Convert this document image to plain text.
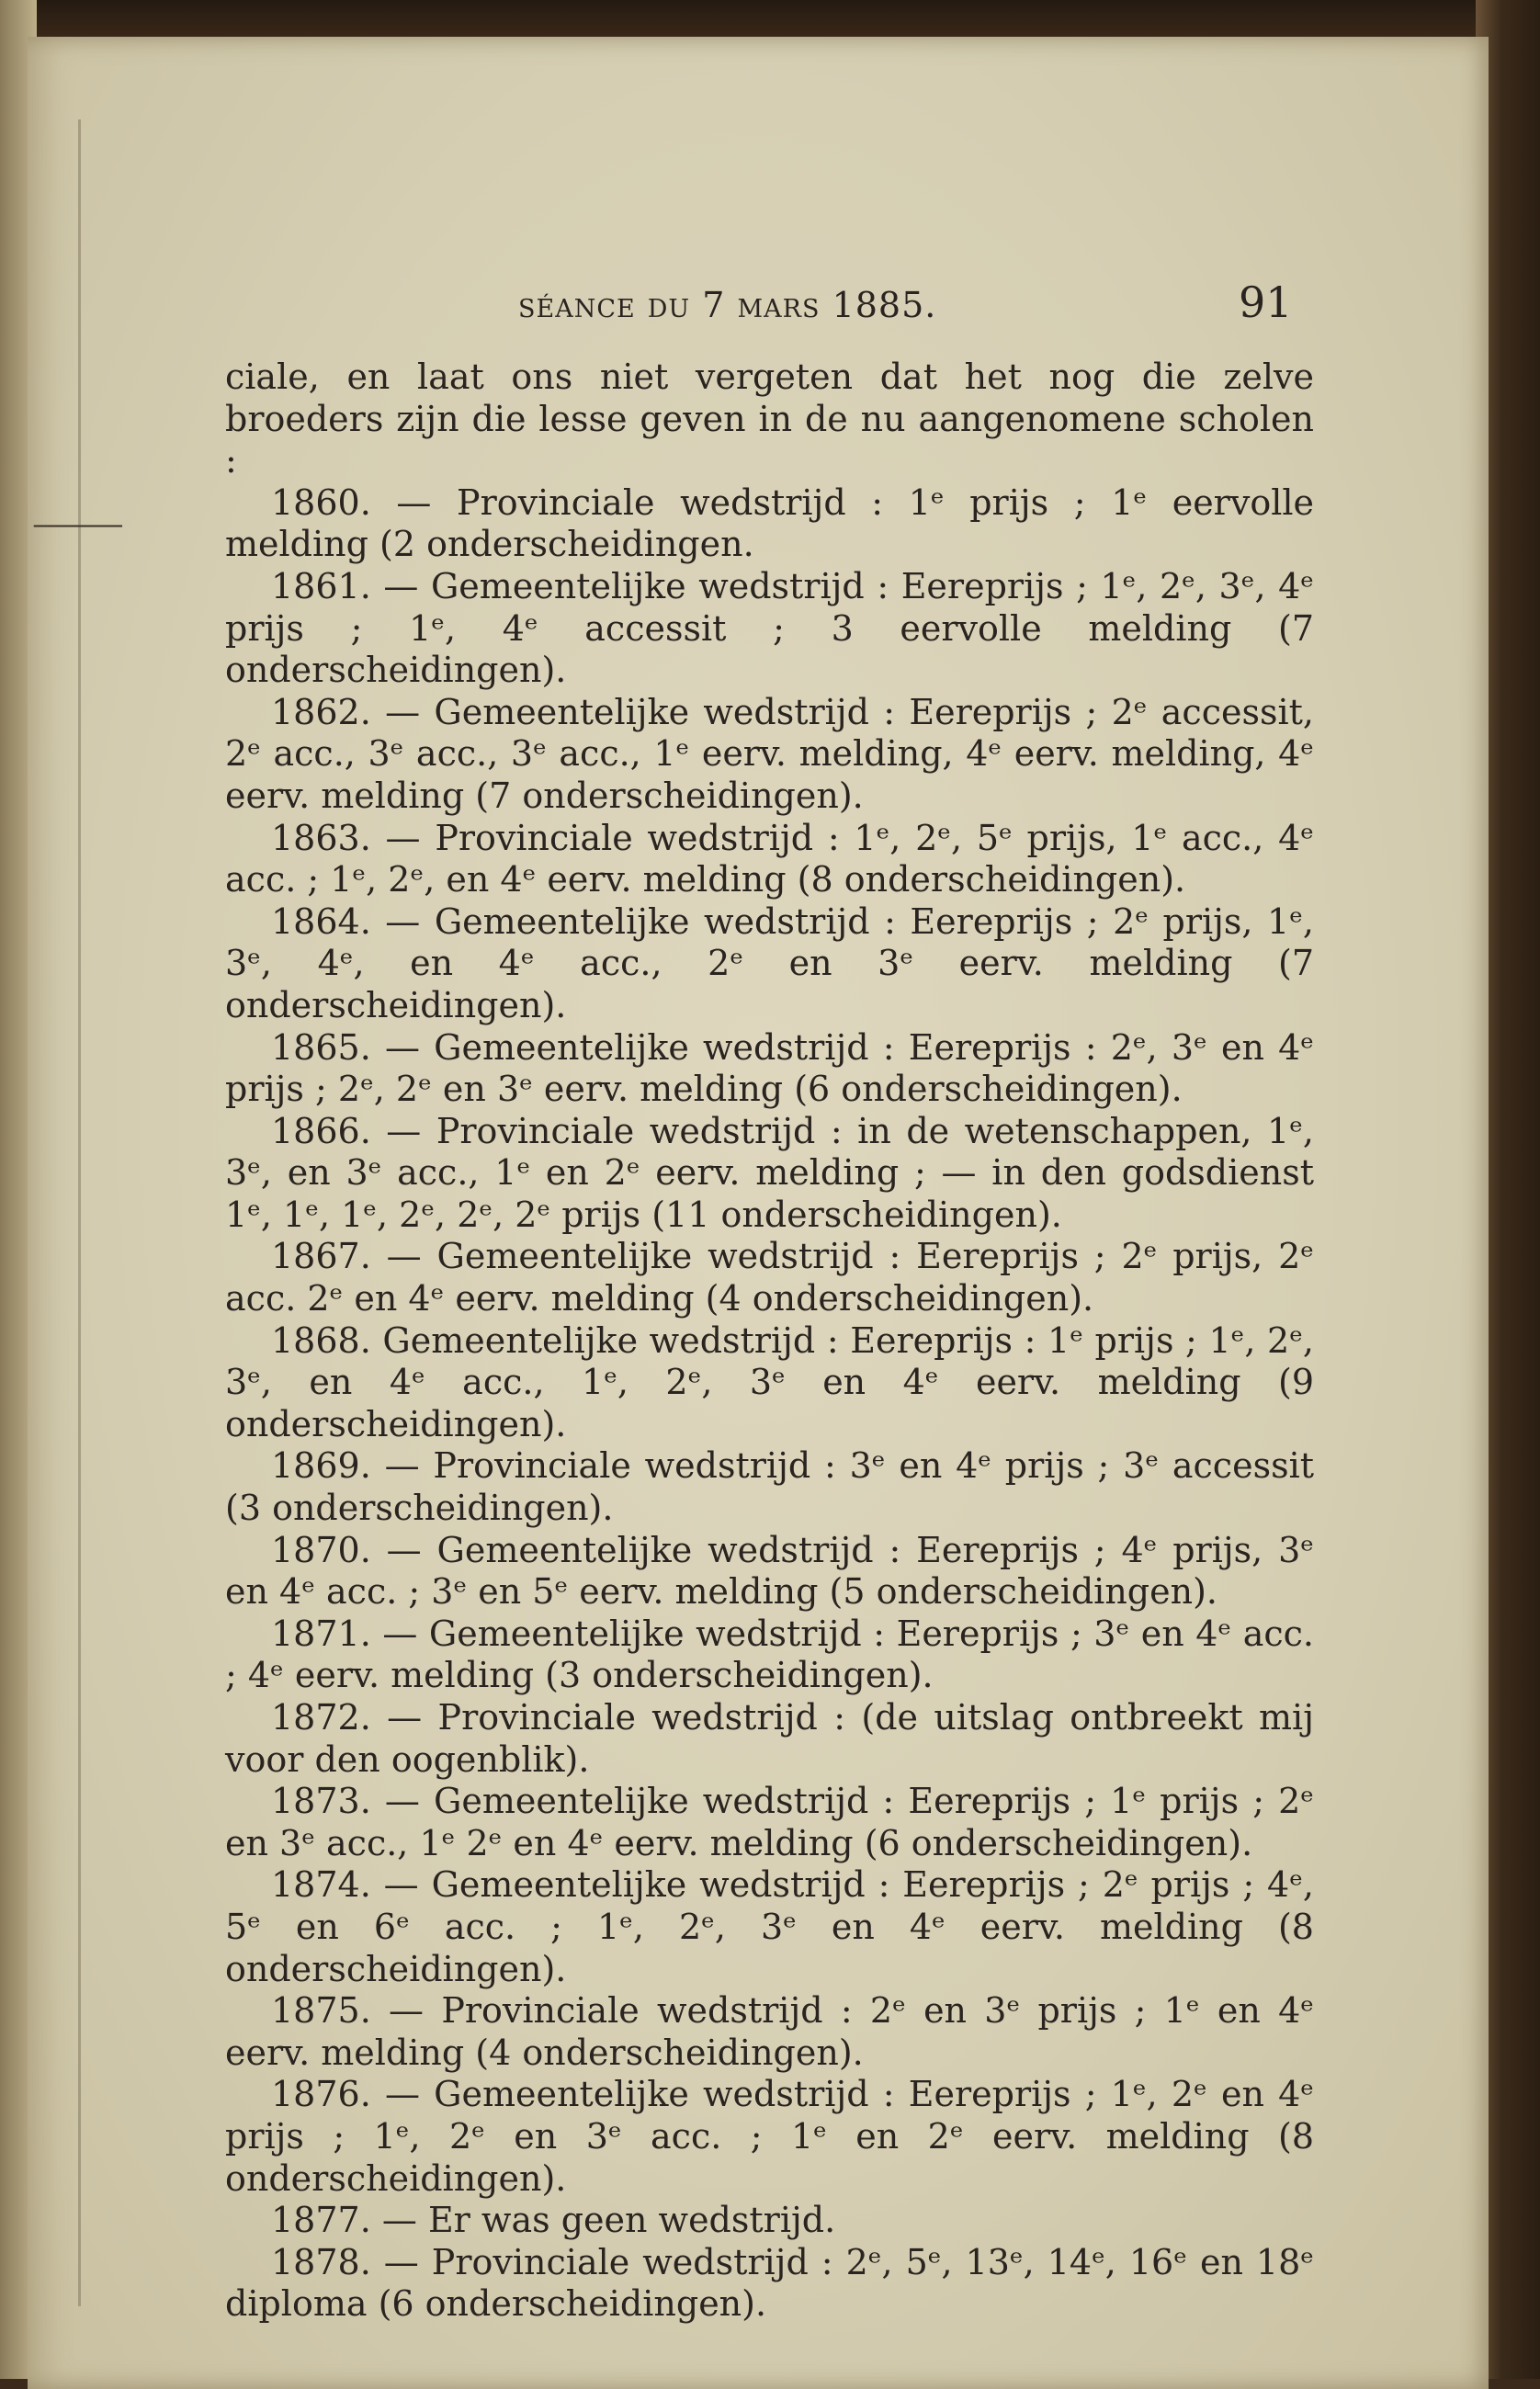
⸻
séance du 7 mars 1885.	91

ciale, en laat ons niet vergeten dat het nog die zelve broeders zijn die lesse geven in de nu aangenomene scholen :

1860. — Provinciale wedstrijd : 1ᵉ prijs ; 1ᵉ eervolle melding (2 onderscheidingen.

1861. — Gemeentelijke wedstrijd : Eereprijs ; 1ᵉ, 2ᵉ, 3ᵉ, 4ᵉ prijs ; 1ᵉ, 4ᵉ accessit ; 3 eervolle melding (7 onderscheidingen).

1862. — Gemeentelijke wedstrijd : Eereprijs ; 2ᵉ accessit, 2ᵉ acc., 3ᵉ acc., 3ᵉ acc., 1ᵉ eerv. melding, 4ᵉ eerv. melding, 4ᵉ eerv. melding (7 onderscheidingen).

1863. — Provinciale wedstrijd : 1ᵉ, 2ᵉ, 5ᵉ prijs, 1ᵉ acc., 4ᵉ acc. ; 1ᵉ, 2ᵉ, en 4ᵉ eerv. melding (8 onderscheidingen).

1864. — Gemeentelijke wedstrijd : Eereprijs ; 2ᵉ prijs, 1ᵉ, 3ᵉ, 4ᵉ, en 4ᵉ acc., 2ᵉ en 3ᵉ eerv. melding (7 onderscheidingen).

1865. — Gemeentelijke wedstrijd : Eereprijs : 2ᵉ, 3ᵉ en 4ᵉ prijs ; 2ᵉ, 2ᵉ en 3ᵉ eerv. melding (6 onderscheidingen).

1866. — Provinciale wedstrijd : in de wetenschappen, 1ᵉ, 3ᵉ, en 3ᵉ acc., 1ᵉ en 2ᵉ eerv. melding ; — in den godsdienst 1ᵉ, 1ᵉ, 1ᵉ, 2ᵉ, 2ᵉ, 2ᵉ prijs (11 onderscheidingen).

1867. — Gemeentelijke wedstrijd : Eereprijs ; 2ᵉ prijs, 2ᵉ acc. 2ᵉ en 4ᵉ eerv. melding (4 onderscheidingen).

1868. Gemeentelijke wedstrijd : Eereprijs : 1ᵉ prijs ; 1ᵉ, 2ᵉ, 3ᵉ, en 4ᵉ acc., 1ᵉ, 2ᵉ, 3ᵉ en 4ᵉ eerv. melding (9 onderscheidingen).

1869. — Provinciale wedstrijd : 3ᵉ en 4ᵉ prijs ; 3ᵉ accessit (3 onderscheidingen).

1870. — Gemeentelijke wedstrijd : Eereprijs ; 4ᵉ prijs, 3ᵉ en 4ᵉ acc. ; 3ᵉ en 5ᵉ eerv. melding (5 onderscheidingen).

1871. — Gemeentelijke wedstrijd : Eereprijs ; 3ᵉ en 4ᵉ acc. ; 4ᵉ eerv. melding (3 onderscheidingen).

1872. — Provinciale wedstrijd : (de uitslag ontbreekt mij voor den oogenblik).

1873. — Gemeentelijke wedstrijd : Eereprijs ; 1ᵉ prijs ; 2ᵉ en 3ᵉ acc., 1ᵉ 2ᵉ en 4ᵉ eerv. melding (6 onderscheidingen).

1874. — Gemeentelijke wedstrijd : Eereprijs ; 2ᵉ prijs ; 4ᵉ, 5ᵉ en 6ᵉ acc. ; 1ᵉ, 2ᵉ, 3ᵉ en 4ᵉ eerv. melding (8 onderscheidingen).

1875. — Provinciale wedstrijd : 2ᵉ en 3ᵉ prijs ; 1ᵉ en 4ᵉ eerv. melding (4 onderscheidingen).

1876. — Gemeentelijke wedstrijd : Eereprijs ; 1ᵉ, 2ᵉ en 4ᵉ prijs ; 1ᵉ, 2ᵉ en 3ᵉ acc. ; 1ᵉ en 2ᵉ eerv. melding (8 onderscheidingen).

1877. — Er was geen wedstrijd.

1878. — Provinciale wedstrijd : 2ᵉ, 5ᵉ, 13ᵉ, 14ᵉ, 16ᵉ en 18ᵉ diploma (6 onderscheidingen).
